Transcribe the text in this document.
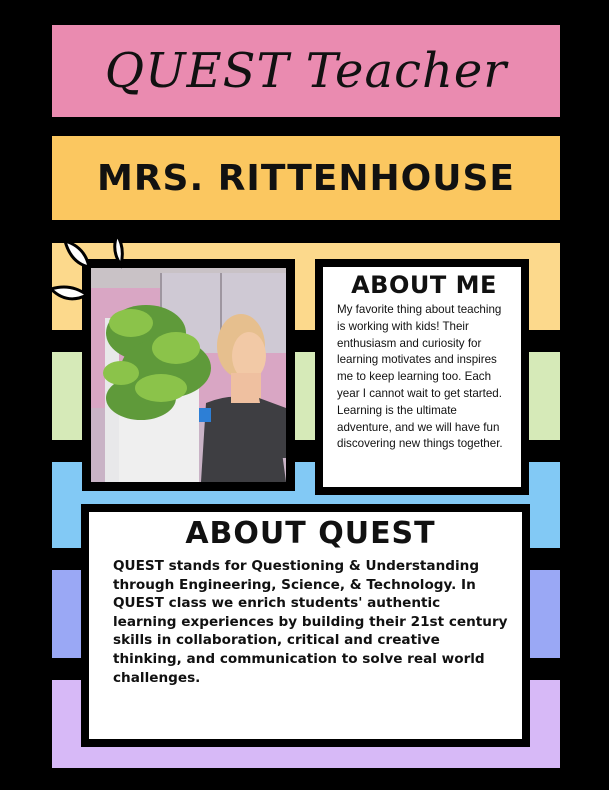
QUEST Teacher
MRS. RITTENHOUSE
ABOUT ME

My favorite thing about teaching is working with kids! Their enthusiasm and curiosity for learning motivates and inspires me to keep learning too. Each year I cannot wait to get started. Learning is the ultimate adventure, and we will have fun discovering new things together.

ABOUT QUEST

QUEST stands for Questioning & Understanding through Engineering, Science, & Technology. In QUEST class we enrich students' authentic learning experiences by building their 21st century skills in collaboration, critical and creative thinking, and communication to solve real world challenges.
